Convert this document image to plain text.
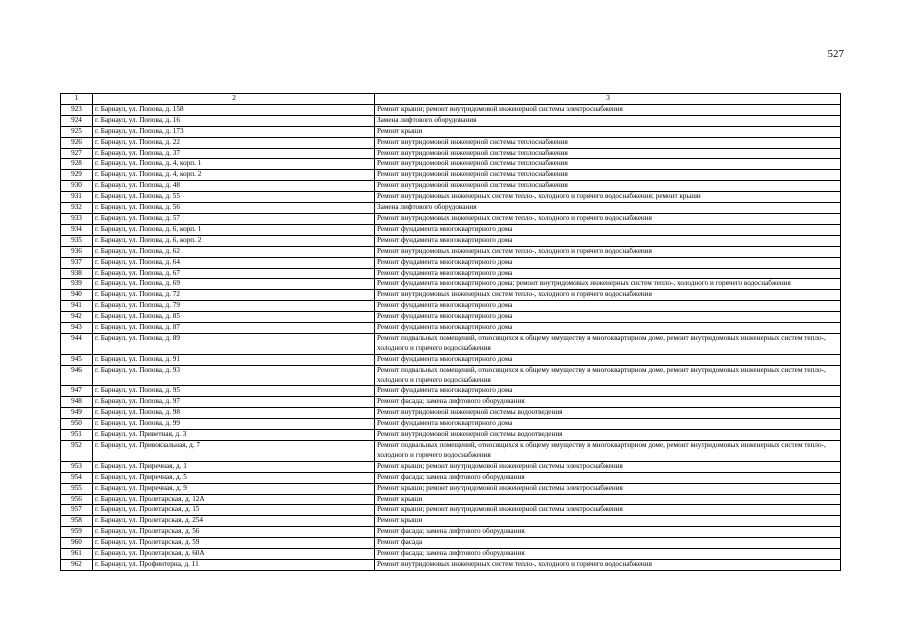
527
1	2	3
923	г. Барнаул, ул. Попова, д. 158	Ремонт крыши; ремонт внутридомовой инженерной системы электроснабжения
924	г. Барнаул, ул. Попова, д. 16	Замена лифтового оборудования
925	г. Барнаул, ул. Попова, д. 173	Ремонт крыши
926	г. Барнаул, ул. Попова, д. 22	Ремонт внутридомовой инженерной системы теплоснабжения
927	г. Барнаул, ул. Попова, д. 37	Ремонт внутридомовой инженерной системы теплоснабжения
928	г. Барнаул, ул. Попова, д. 4, корп. 1	Ремонт внутридомовой инженерной системы теплоснабжения
929	г. Барнаул, ул. Попова, д. 4, корп. 2	Ремонт внутридомовой инженерной системы теплоснабжения
930	г. Барнаул, ул. Попова, д. 48	Ремонт внутридомовой инженерной системы теплоснабжения
931	г. Барнаул, ул. Попова, д. 55	Ремонт внутридомовых инженерных систем тепло-, холодного и горячего водоснабжения; ремонт крыши
932	г. Барнаул, ул. Попова, д. 56	Замена лифтового оборудования
933	г. Барнаул, ул. Попова, д. 57	Ремонт внутридомовых инженерных систем тепло-, холодного и горячего водоснабжения
934	г. Барнаул, ул. Попова, д. 6, корп. 1	Ремонт фундамента многоквартирного дома
935	г. Барнаул, ул. Попова, д. 6, корп. 2	Ремонт фундамента многоквартирного дома
936	г. Барнаул, ул. Попова, д. 62	Ремонт внутридомовых инженерных систем тепло-, холодного и горячего водоснабжения
937	г. Барнаул, ул. Попова, д. 64	Ремонт фундамента многоквартирного дома
938	г. Барнаул, ул. Попова, д. 67	Ремонт фундамента многоквартирного дома
939	г. Барнаул, ул. Попова, д. 69	Ремонт фундамента многоквартирного дома; ремонт внутридомовых инженерных систем тепло-, холодного и горячего водоснабжения
940	г. Барнаул, ул. Попова, д. 72	Ремонт внутридомовых инженерных систем тепло-, холодного и горячего водоснабжения
941	г. Барнаул, ул. Попова, д. 79	Ремонт фундамента многоквартирного дома
942	г. Барнаул, ул. Попова, д. 85	Ремонт фундамента многоквартирного дома
943	г. Барнаул, ул. Попова, д. 87	Ремонт фундамента многоквартирного дома
944	г. Барнаул, ул. Попова, д. 89	Ремонт подвальных помещений, относящихся к общему имуществу в многоквартирном доме, ремонт внутридомовых инженерных систем тепло-, холодного и горячего водоснабжения
945	г. Барнаул, ул. Попова, д. 91	Ремонт фундамента многоквартирного дома
946	г. Барнаул, ул. Попова, д. 93	Ремонт подвальных помещений, относящихся к общему имуществу в многоквартирном доме, ремонт внутридомовых инженерных систем тепло-, холодного и горячего водоснабжения
947	г. Барнаул, ул. Попова, д. 95	Ремонт фундамента многоквартирного дома
948	г. Барнаул, ул. Попова, д. 97	Ремонт фасада; замена лифтового оборудования
949	г. Барнаул, ул. Попова, д. 98	Ремонт внутридомовой инженерной системы водоотведения
950	г. Барнаул, ул. Попова, д. 99	Ремонт фундамента многоквартирного дома
951	г. Барнаул, ул. Приветная, д. 3	Ремонт внутридомовой инженерной системы водоотведения
952	г. Барнаул, ул. Привокзальная, д. 7	Ремонт подвальных помещений, относящихся к общему имуществу в многоквартирном доме, ремонт внутридомовых инженерных систем тепло-, холодного и горячего водоснабжения
953	г. Барнаул, ул. Приречная, д. 1	Ремонт крыши; ремонт внутридомовой инженерной системы электроснабжения
954	г. Барнаул, ул. Приречная, д. 5	Ремонт фасада; замена лифтового оборудования
955	г. Барнаул, ул. Приречная, д. 9	Ремонт крыши; ремонт внутридомовой инженерной системы электроснабжения
956	г. Барнаул, ул. Пролетарская, д. 12А	Ремонт крыши
957	г. Барнаул, ул. Пролетарская, д. 15	Ремонт крыши; ремонт внутридомовой инженерной системы электроснабжения
958	г. Барнаул, ул. Пролетарская, д. 254	Ремонт крыши
959	г. Барнаул, ул. Пролетарская, д. 56	Ремонт фасада; замена лифтового оборудования
960	г. Барнаул, ул. Пролетарская, д. 59	Ремонт фасада
961	г. Барнаул, ул. Пролетарская, д. 60А	Ремонт фасада; замена лифтового оборудования
962	г. Барнаул, ул. Профинтерна, д. 11	Ремонт внутридомовых инженерных систем тепло-, холодного и горячего водоснабжения
